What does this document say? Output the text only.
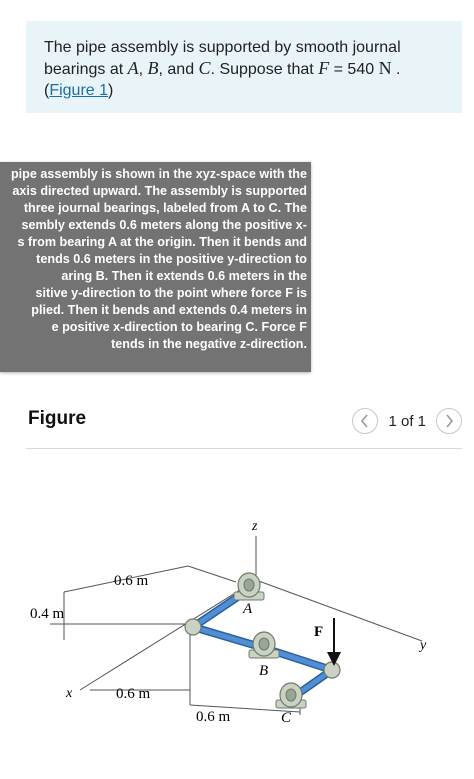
The pipe assembly is supported by smooth journal bearings at A, B, and C. Suppose that F = 540 N .
(Figure 1)
pipe assembly is shown in the xyz-space with the
axis directed upward. The assembly is supported
three journal bearings, labeled from A to C. The
sembly extends 0.6 meters along the positive x-
s from bearing A at the origin. Then it bends and
tends 0.6 meters in the positive y-direction to
aring B. Then it extends 0.6 meters in the
sitive y-direction to the point where force F is
plied. Then it bends and extends 0.4 meters in
e positive x-direction to bearing C. Force F
tends in the negative z-direction.
Figure	1 of 1
z
y
x
F
A
B
C
0.6 m
0.4 m
0.6 m
0.6 m
